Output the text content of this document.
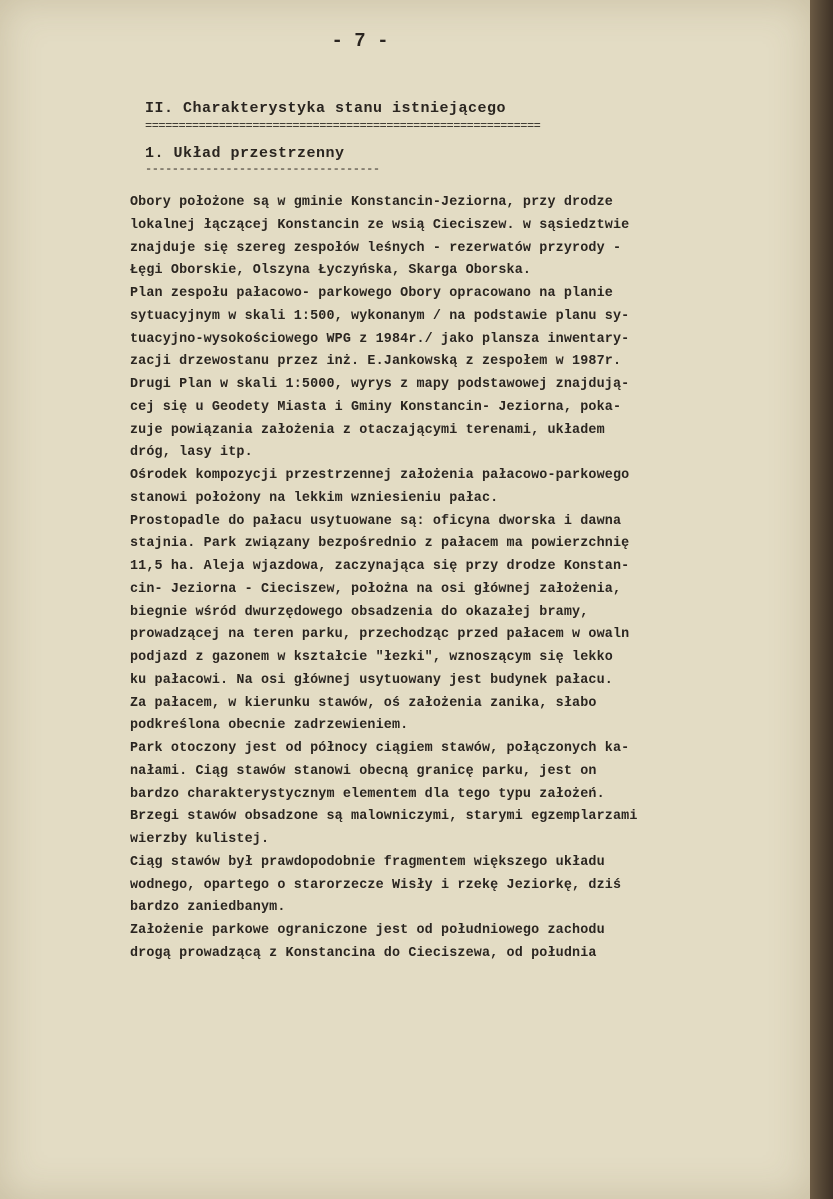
- 7 -
II. Charakterystyka stanu istniejącego
===========================================================
1. Układ przestrzenny
-----------------------------------
Obory położone są w gminie Konstancin-Jeziorna, przy drodze
lokalnej łączącej Konstancin ze wsią Cieciszew. w sąsiedztwie
znajduje się szereg zespołów leśnych - rezerwatów przyrody -
Łęgi Oborskie, Olszyna Łyczyńska, Skarga Oborska.
Plan zespołu pałacowo- parkowego Obory opracowano na planie
sytuacyjnym w skali 1:500, wykonanym / na podstawie planu sy-
tuacyjno-wysokościowego WPG z 1984r./ jako plansza inwentary-
zacji drzewostanu przez inż. E.Jankowską z zespołem w 1987r.
Drugi Plan w skali 1:5000, wyrys z mapy podstawowej znajdują-
cej się u Geodety Miasta i Gminy Konstancin- Jeziorna, poka-
zuje powiązania założenia z otaczającymi terenami, układem
dróg, lasy itp.
Ośrodek kompozycji przestrzennej założenia pałacowo-parkowego
stanowi położony na lekkim wzniesieniu pałac.
Prostopadle do pałacu usytuowane są: oficyna dworska i dawna
stajnia. Park związany bezpośrednio z pałacem ma powierzchnię
11,5 ha. Aleja wjazdowa, zaczynająca się przy drodze Konstan-
cin- Jeziorna - Cieciszew, położna na osi głównej założenia,
biegnie wśród dwurzędowego obsadzenia do okazałej bramy,
prowadzącej na teren parku, przechodząc przed pałacem w owaln
podjazd z gazonem w kształcie "łezki", wznoszącym się lekko
ku pałacowi. Na osi głównej usytuowany jest budynek pałacu.
Za pałacem, w kierunku stawów, oś założenia zanika, słabo
podkreślona obecnie zadrzewieniem.
Park otoczony jest od północy ciągiem stawów, połączonych ka-
nałami. Ciąg stawów stanowi obecną granicę parku, jest on
bardzo charakterystycznym elementem dla tego typu założeń.
Brzegi stawów obsadzone są malowniczymi, starymi egzemplarzami
wierzby kulistej.
Ciąg stawów był prawdopodobnie fragmentem większego układu
wodnego, opartego o starorzecze Wisły i rzekę Jeziorkę, dziś
bardzo zaniedbanym.
Założenie parkowe ograniczone jest od południowego zachodu
drogą prowadzącą z Konstancina do Cieciszewa, od południa
